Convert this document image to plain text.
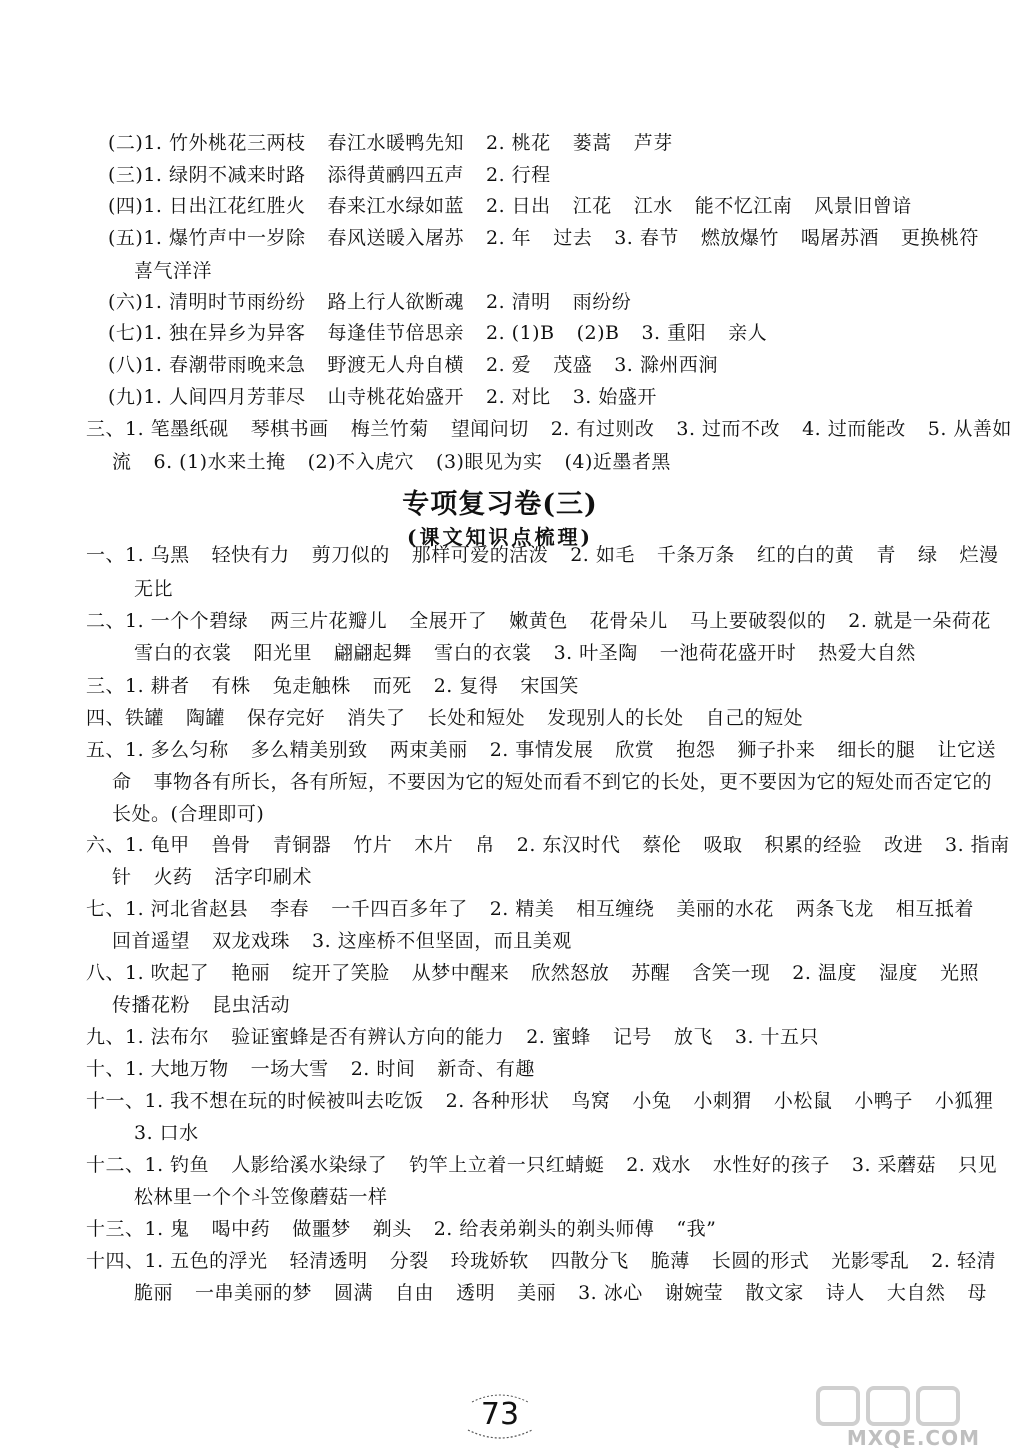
(二)1. 竹外桃花三两枝 春江水暖鸭先知 2. 桃花 蒌蒿 芦芽
(三)1. 绿阴不减来时路 添得黄鹂四五声 2. 行程
(四)1. 日出江花红胜火 春来江水绿如蓝 2. 日出 江花 江水 能不忆江南 风景旧曾谙
(五)1. 爆竹声中一岁除 春风送暖入屠苏 2. 年 过去 3. 春节 燃放爆竹 喝屠苏酒 更换桃符
喜气洋洋
(六)1. 清明时节雨纷纷 路上行人欲断魂 2. 清明 雨纷纷
(七)1. 独在异乡为异客 每逢佳节倍思亲 2. (1)B (2)B 3. 重阳 亲人
(八)1. 春潮带雨晚来急 野渡无人舟自横 2. 爱 茂盛 3. 滁州西涧
(九)1. 人间四月芳菲尽 山寺桃花始盛开 2. 对比 3. 始盛开
三、1. 笔墨纸砚 琴棋书画 梅兰竹菊 望闻问切 2. 有过则改 3. 过而不改 4. 过而能改 5. 从善如
流 6. (1)水来土掩 (2)不入虎穴 (3)眼见为实 (4)近墨者黑
专项复习卷(三)
(课文知识点梳理)
一、1. 乌黑 轻快有力 剪刀似的 那样可爱的活泼 2. 如毛 千条万条 红的白的黄 青 绿 烂漫
无比
二、1. 一个个碧绿 两三片花瓣儿 全展开了 嫩黄色 花骨朵儿 马上要破裂似的 2. 就是一朵荷花
雪白的衣裳 阳光里 翩翩起舞 雪白的衣裳 3. 叶圣陶 一池荷花盛开时 热爱大自然
三、1. 耕者 有株 兔走触株 而死 2. 复得 宋国笑
四、铁罐 陶罐 保存完好 消失了 长处和短处 发现别人的长处 自己的短处
五、1. 多么匀称 多么精美别致 两束美丽 2. 事情发展 欣赏 抱怨 狮子扑来 细长的腿 让它送
命 事物各有所长，各有所短，不要因为它的短处而看不到它的长处，更不要因为它的短处而否定它的
长处。(合理即可)
六、1. 龟甲 兽骨 青铜器 竹片 木片 帛 2. 东汉时代 蔡伦 吸取 积累的经验 改进 3. 指南
针 火药 活字印刷术
七、1. 河北省赵县 李春 一千四百多年了 2. 精美 相互缠绕 美丽的水花 两条飞龙 相互抵着
回首遥望 双龙戏珠 3. 这座桥不但坚固，而且美观
八、1. 吹起了 艳丽 绽开了笑脸 从梦中醒来 欣然怒放 苏醒 含笑一现 2. 温度 湿度 光照
传播花粉 昆虫活动
九、1. 法布尔 验证蜜蜂是否有辨认方向的能力 2. 蜜蜂 记号 放飞 3. 十五只
十、1. 大地万物 一场大雪 2. 时间 新奇、有趣
十一、1. 我不想在玩的时候被叫去吃饭 2. 各种形状 鸟窝 小兔 小刺猬 小松鼠 小鸭子 小狐狸
3. 口水
十二、1. 钓鱼 人影给溪水染绿了 钓竿上立着一只红蜻蜓 2. 戏水 水性好的孩子 3. 采蘑菇 只见
松林里一个个斗笠像蘑菇一样
十三、1. 鬼 喝中药 做噩梦 剃头 2. 给表弟剃头的剃头师傅 “我”
十四、1. 五色的浮光 轻清透明 分裂 玲珑娇软 四散分飞 脆薄 长圆的形式 光影零乱 2. 轻清
脆丽 一串美丽的梦 圆满 自由 透明 美丽 3. 冰心 谢婉莹 散文家 诗人 大自然 母
73
MXQE.COM
